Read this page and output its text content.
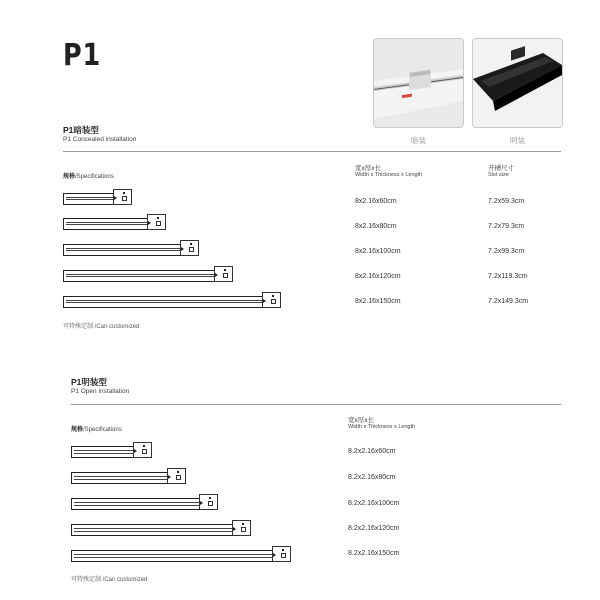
P1
暗装	明装
P1暗装型
P1 Concealed installation
宽x厚x长
Width x Thickness x Length
开槽尺寸
Slot size
规格/Specifications
8x2.16x60cm	7.2x59.3cm
8x2.16x80cm	7.2x79.3cm
8x2.16x100cm	7.2x99.3cm
8x2.16x120cm	7.2x119.3cm
8x2.16x150cm	7.2x149.3cm
可特殊定制 /Can customized
P1明装型
P1 Open installation
宽x厚x长
Width x Thickness x Length
规格/Specifications
8.2x2.16x60cm
8.2x2.16x80cm
8.2x2.16x100cm
8.2x2.16x120cm
8.2x2.16x150cm
可特殊定制 /Can customized
